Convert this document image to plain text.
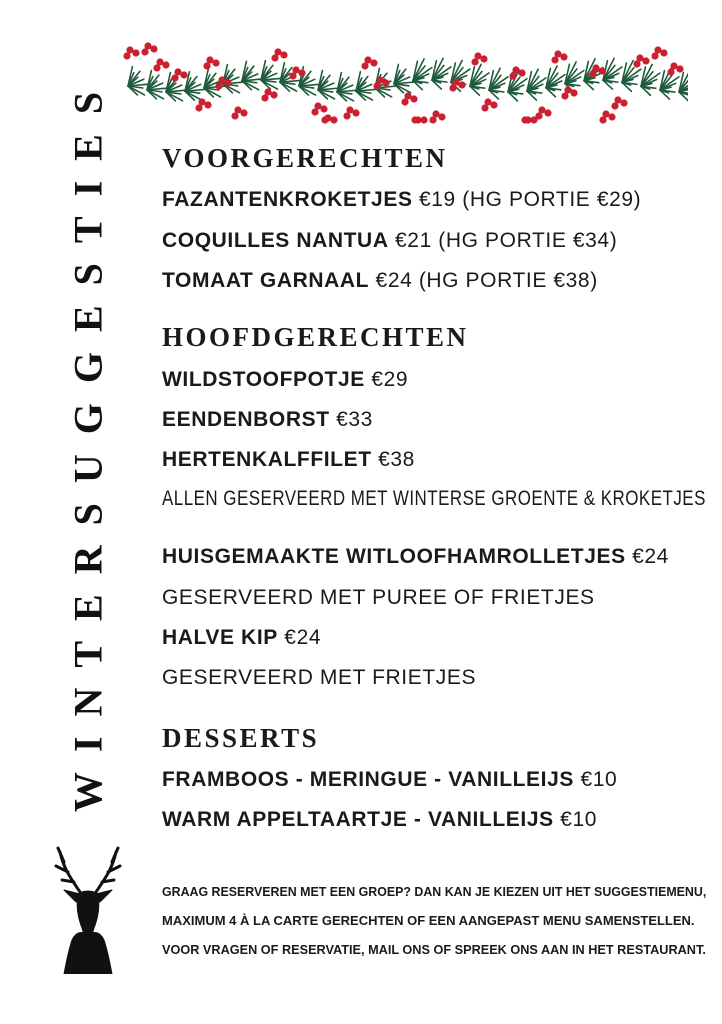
WINTERSUGGESTIES VOORGERECHTEN
FAZANTENKROKETJES €19 (HG PORTIE €29)
COQUILLES NANTUA €21 (HG PORTIE €34)
TOMAAT GARNAAL €24 (HG PORTIE €38)
HOOFDGERECHTEN
WILDSTOOFPOTJE €29
EENDENBORST €33
HERTENKALFFILET €38
ALLEN GESERVEERD MET WINTERSE GROENTE & KROKETJES
HUISGEMAAKTE WITLOOFHAMROLLETJES €24
GESERVEERD MET PUREE OF FRIETJES
HALVE KIP €24
GESERVEERD MET FRIETJES
DESSERTS
FRAMBOOS - MERINGUE - VANILLEIJS €10
WARM APPELTAARTJE - VANILLEIJS €10
GRAAG RESERVEREN MET EEN GROEP? DAN KAN JE KIEZEN UIT HET SUGGESTIEMENU,
MAXIMUM 4 À LA CARTE GERECHTEN OF EEN AANGEPAST MENU SAMENSTELLEN.
VOOR VRAGEN OF RESERVATIE, MAIL ONS OF SPREEK ONS AAN IN HET RESTAURANT.
